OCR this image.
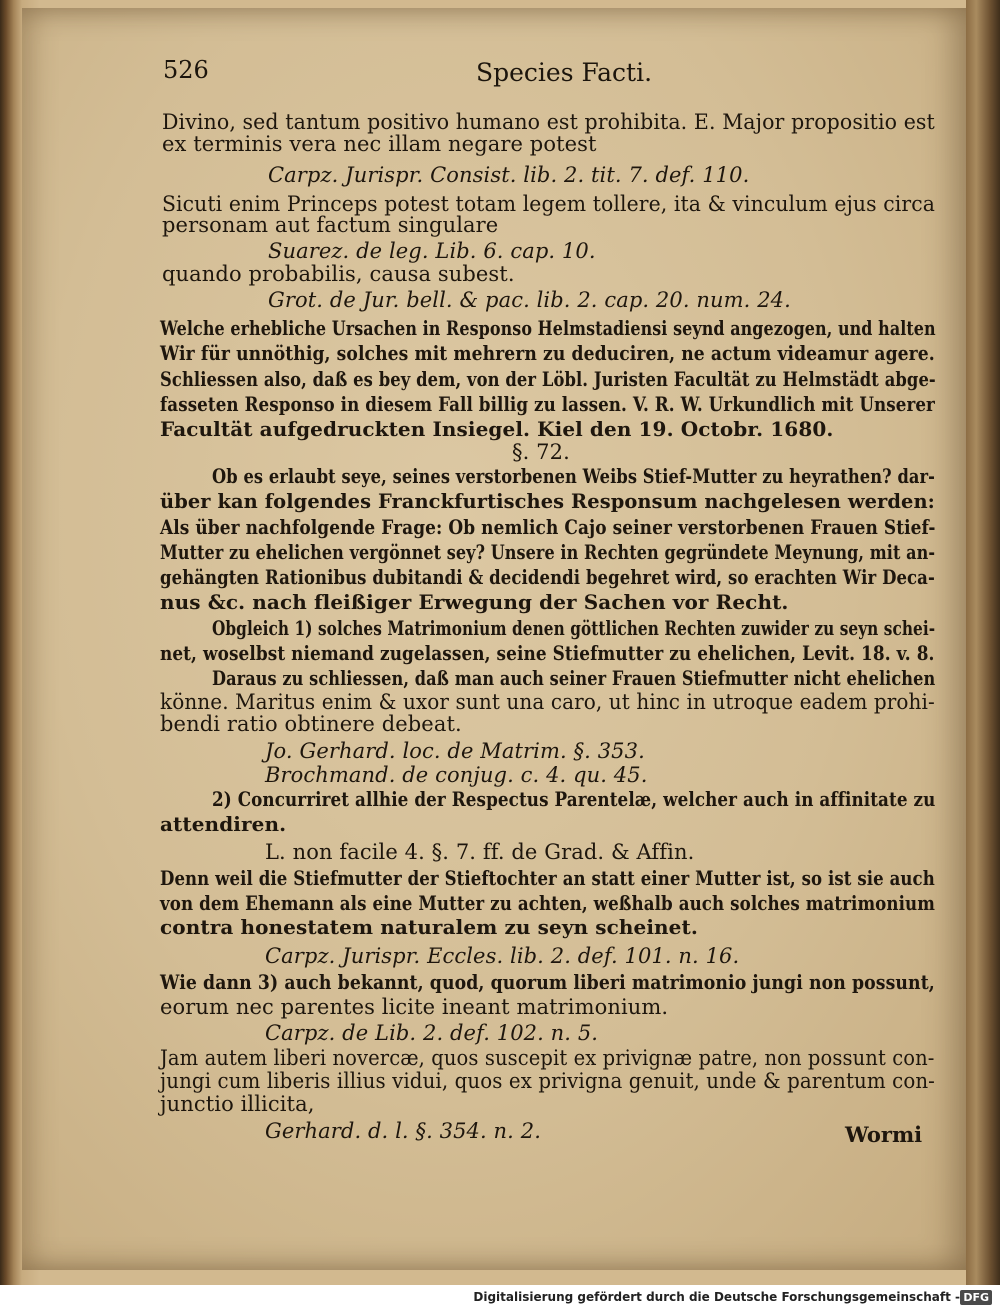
526	Species Facti.
Divino, sed tantum positivo humano est prohibita. E. Major propositio est
ex terminis vera nec illam negare potest
Carpz. Jurispr. Consist. lib. 2. tit. 7. def. 110.
Sicuti enim Princeps potest totam legem tollere, ita & vinculum ejus circa
personam aut factum singulare
Suarez. de leg. Lib. 6. cap. 10.
quando probabilis, causa subest.
Grot. de Jur. bell. & pac. lib. 2. cap. 20. num. 24.
Welche erhebliche Ursachen in Responso Helmstadiensi seynd angezogen, und halten
Wir für unnöthig, solches mit mehrern zu deduciren, ne actum videamur agere.
Schliessen also, daß es bey dem, von der Löbl. Juristen Facultät zu Helmstädt abge-
fasseten Responso in diesem Fall billig zu lassen. V. R. W. Urkundlich mit Unserer
Facultät aufgedruckten Insiegel. Kiel den 19. Octobr. 1680.
§. 72.
Ob es erlaubt seye, seines verstorbenen Weibs Stief-Mutter zu heyrathen? dar-
über kan folgendes Franckfurtisches Responsum nachgelesen werden:
Als über nachfolgende Frage: Ob nemlich Cajo seiner verstorbenen Frauen Stief-
Mutter zu ehelichen vergönnet sey? Unsere in Rechten gegründete Meynung, mit an-
gehängten Rationibus dubitandi & decidendi begehret wird, so erachten Wir Deca-
nus &c. nach fleißiger Erwegung der Sachen vor Recht.
Obgleich 1) solches Matrimonium denen göttlichen Rechten zuwider zu seyn schei-
net, woselbst niemand zugelassen, seine Stiefmutter zu ehelichen, Levit. 18. v. 8.
Daraus zu schliessen, daß man auch seiner Frauen Stiefmutter nicht ehelichen
könne. Maritus enim & uxor sunt una caro, ut hinc in utroque eadem prohi-
bendi ratio obtinere debeat.
Jo. Gerhard. loc. de Matrim. §. 353.
Brochmand. de conjug. c. 4. qu. 45.
2) Concurriret allhie der Respectus Parentelæ, welcher auch in affinitate zu
attendiren.
L. non facile 4. §. 7. ff. de Grad. & Affin.
Denn weil die Stiefmutter der Stieftochter an statt einer Mutter ist, so ist sie auch
von dem Ehemann als eine Mutter zu achten, weßhalb auch solches matrimonium
contra honestatem naturalem zu seyn scheinet.
Carpz. Jurispr. Eccles. lib. 2. def. 101. n. 16.
Wie dann 3) auch bekannt, quod, quorum liberi matrimonio jungi non possunt,
eorum nec parentes licite ineant matrimonium.
Carpz. de Lib. 2. def. 102. n. 5.
Jam autem liberi novercæ, quos suscepit ex privignæ patre, non possunt con-
jungi cum liberis illius vidui, quos ex privigna genuit, unde & parentum con-
junctio illicita,
Gerhard. d. l. §. 354. n. 2.	Wormi
Digitalisierung gefördert durch die Deutsche Forschungsgemeinschaft - DFG
